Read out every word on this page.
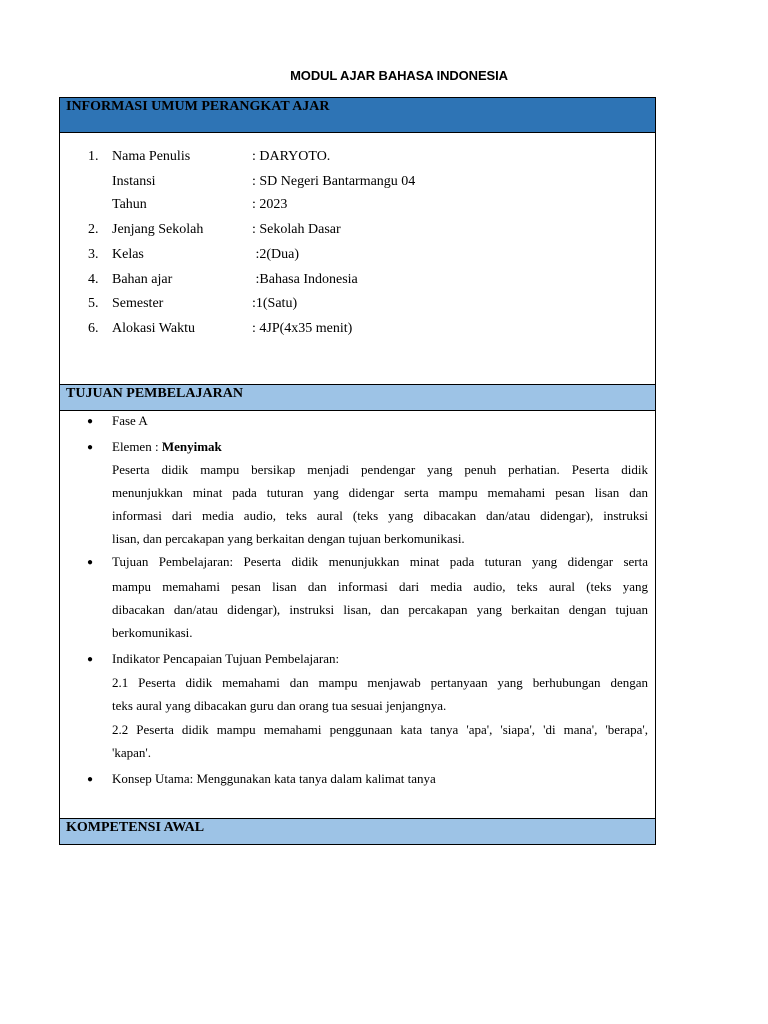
MODUL AJAR BAHASA INDONESIA
INFORMASI UMUM PERANGKAT AJAR
1. Nama Penulis	: DARYOTO.
Instansi	: SD Negeri Bantarmangu 04
Tahun	: 2023
2. Jenjang Sekolah	: Sekolah Dasar
3. Kelas	:2(Dua)
4. Bahan ajar	:Bahasa Indonesia
5. Semester	:1(Satu)
6. Alokasi Waktu	: 4JP(4x35 menit)
TUJUAN PEMBELAJARAN
● Fase A
● Elemen : Menyimak
Peserta didik mampu bersikap menjadi pendengar yang penuh perhatian. Peserta didik
menunjukkan minat pada tuturan yang didengar serta mampu memahami pesan lisan dan
informasi dari media audio, teks aural (teks yang dibacakan dan/atau didengar), instruksi
lisan, dan percakapan yang berkaitan dengan tujuan berkomunikasi.
● Tujuan Pembelajaran: Peserta didik menunjukkan minat pada tuturan yang didengar serta
mampu memahami pesan lisan dan informasi dari media audio, teks aural (teks yang
dibacakan dan/atau didengar), instruksi lisan, dan percakapan yang berkaitan dengan tujuan
berkomunikasi.
● Indikator Pencapaian Tujuan Pembelajaran:
2.1 Peserta didik memahami dan mampu menjawab pertanyaan yang berhubungan dengan
teks aural yang dibacakan guru dan orang tua sesuai jenjangnya.
2.2 Peserta didik mampu memahami penggunaan kata tanya 'apa', 'siapa', 'di mana', 'berapa',
'kapan'.
● Konsep Utama: Menggunakan kata tanya dalam kalimat tanya
KOMPETENSI AWAL
